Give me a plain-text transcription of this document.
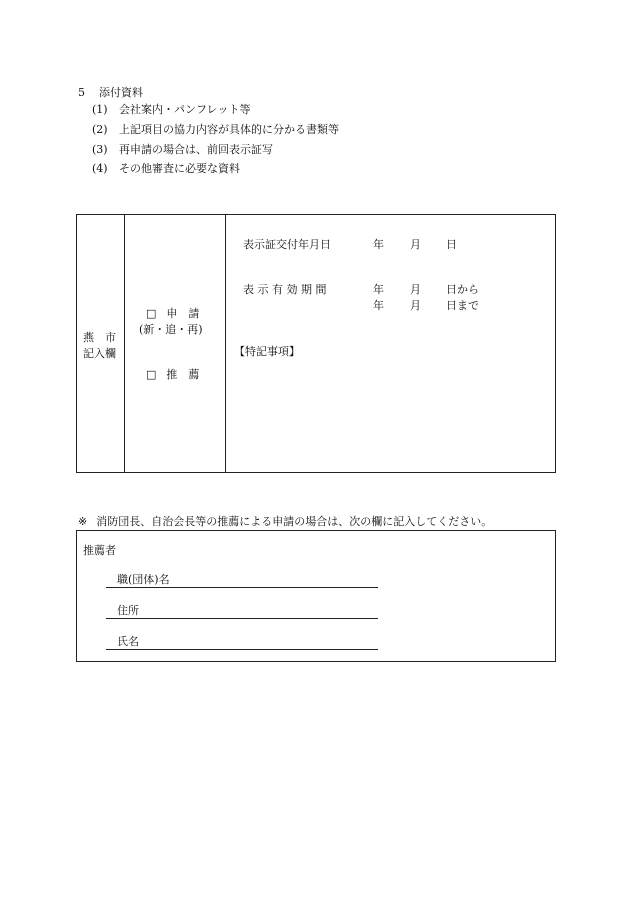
5 添付資料
(1) 会社案内・パンフレット等
(2) 上記項目の協力内容が具体的に分かる書類等
(3) 再申請の場合は、前回表示証写
(4) その他審査に必要な資料
燕　市
記入欄
□ 申　請
(新・追・再)
□ 推　薦
表示証交付年月日	年 月 日
表 示 有 効 期 間	年 月 日から
年 月 日まで
【特記事項】
※ 消防団長、自治会長等の推薦による申請の場合は、次の欄に記入してください。
推薦者
職(団体)名
住所
氏名
